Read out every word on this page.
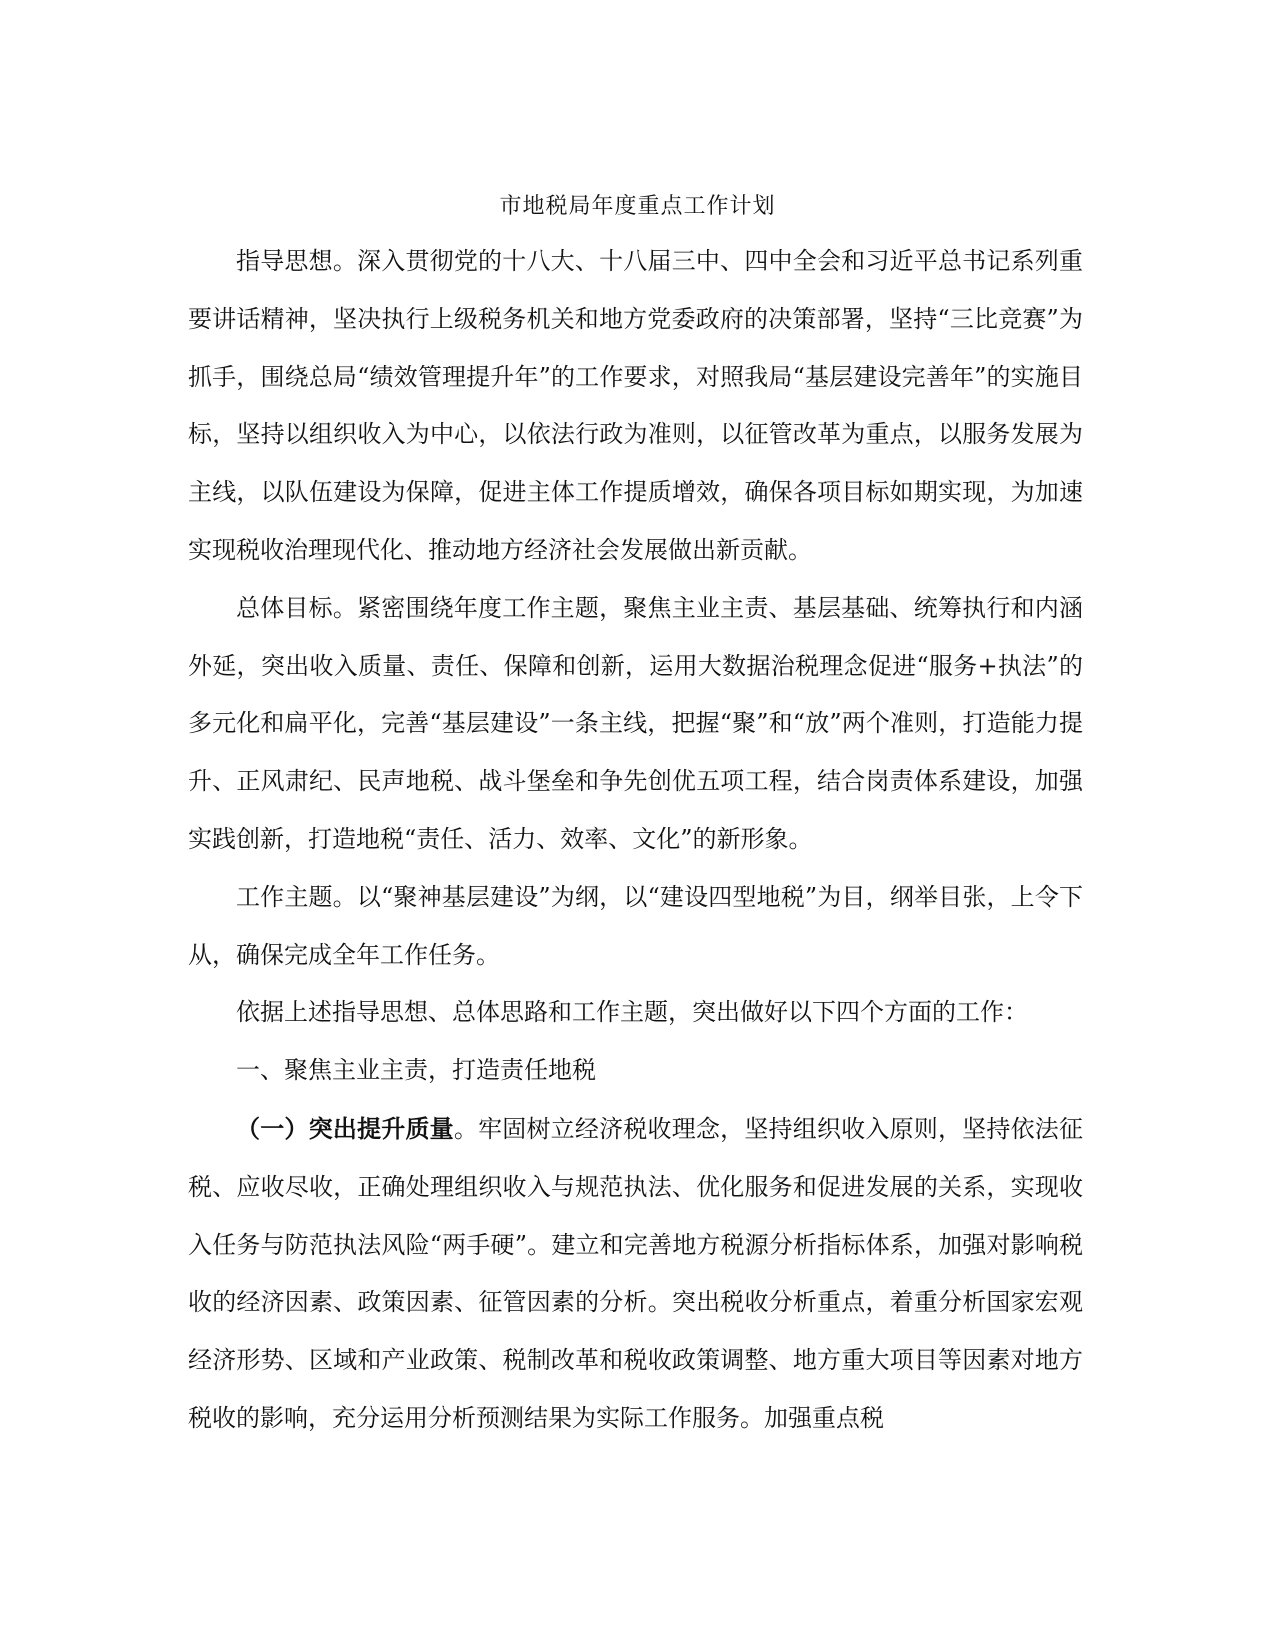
市地税局年度重点工作计划

指导思想。深入贯彻党的十八大、十八届三中、四中全会和习近平总书记系列重要讲话精神，坚决执行上级税务机关和地方党委政府的决策部署，坚持“三比竞赛”为抓手，围绕总局“绩效管理提升年”的工作要求，对照我局“基层建设完善年”的实施目标，坚持以组织收入为中心，以依法行政为准则，以征管改革为重点，以服务发展为主线，以队伍建设为保障，促进主体工作提质增效，确保各项目标如期实现，为加速实现税收治理现代化、推动地方经济社会发展做出新贡献。

总体目标。紧密围绕年度工作主题，聚焦主业主责、基层基础、统筹执行和内涵外延，突出收入质量、责任、保障和创新，运用大数据治税理念促进“服务+执法”的多元化和扁平化，完善“基层建设”一条主线，把握“聚”和“放”两个准则，打造能力提升、正风肃纪、民声地税、战斗堡垒和争先创优五项工程，结合岗责体系建设，加强实践创新，打造地税“责任、活力、效率、文化”的新形象。

工作主题。以“聚神基层建设”为纲，以“建设四型地税”为目，纲举目张，上令下从，确保完成全年工作任务。

依据上述指导思想、总体思路和工作主题，突出做好以下四个方面的工作：

一、聚焦主业主责，打造责任地税

（一）突出提升质量。牢固树立经济税收理念，坚持组织收入原则，坚持依法征税、应收尽收，正确处理组织收入与规范执法、优化服务和促进发展的关系，实现收入任务与防范执法风险“两手硬”。建立和完善地方税源分析指标体系，加强对影响税收的经济因素、政策因素、征管因素的分析。突出税收分析重点，着重分析国家宏观经济形势、区域和产业政策、税制改革和税收政策调整、地方重大项目等因素对地方税收的影响，充分运用分析预测结果为实际工作服务。加强重点税
